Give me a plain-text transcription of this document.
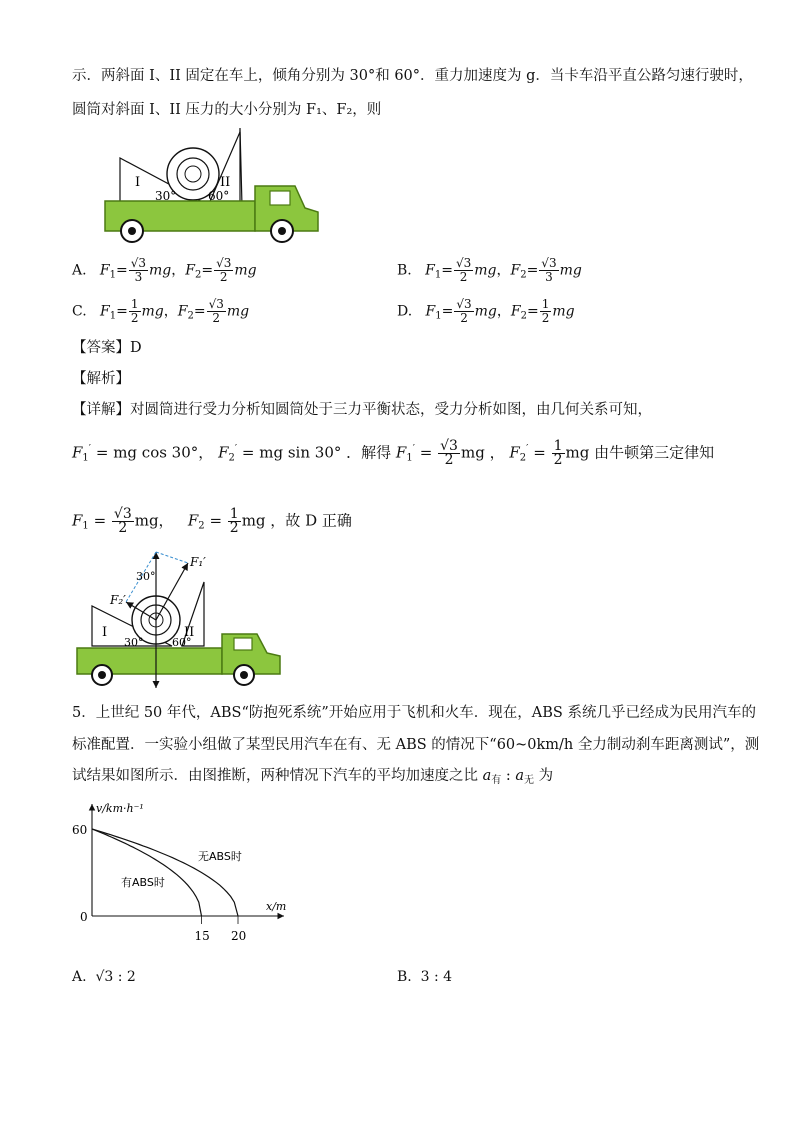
示．两斜面 I、II 固定在车上，倾角分别为 30°和 60°．重力加速度为 g．当卡车沿平直公路匀速行驶时，
圆筒对斜面 I、II 压力的大小分别为 F₁、F₂，则
I	II
30°	60°
A. $F_1= \frac{√3}{3}$ mg，$F_2= \frac{√3}{2}$ mg	B. $F_1= \frac{√3}{2}$ mg，$F_2= \frac{√3}{3}$ mg
C. $F_1= \frac{1}{2}$ mg，$F_2= \frac{√3}{2}$ mg	D. $F_1= \frac{√3}{2}$ mg，$F_2= \frac{1}{2}$ mg
【答案】D
【解析】
【详解】对圆筒进行受力分析知圆筒处于三力平衡状态，受力分析如图，由几何关系可知，
$F_1'$ = mg cos 30°， $F_2'$ = mg sin 30° ．解得 $F_1' = \frac{√3}{2}$ mg ， $F_2' = \frac{1}{2}$ mg 由牛顿第三定律知
$F_1 = \frac{√3}{2}$ mg， $F_2 = \frac{1}{2}$ mg ，故 D 正确
30°
F₁′
F₂′
I	II
30°	60°
5．上世纪 50 年代，ABS“防抱死系统”开始应用于飞机和火车．现在，ABS 系统几乎已经成为民用汽车的
标准配置．一实验小组做了某型民用汽车在有、无 ABS 的情况下“60~0km/h 全力制动刹车距离测试”，测
试结果如图所示．由图推断，两种情况下汽车的平均加速度之比 $a_有$ : $a_无$ 为
v/km·h⁻¹
x/m
60
0
15 20
有ABS时
无ABS时
A. √3 : 2	B. 3 : 4
